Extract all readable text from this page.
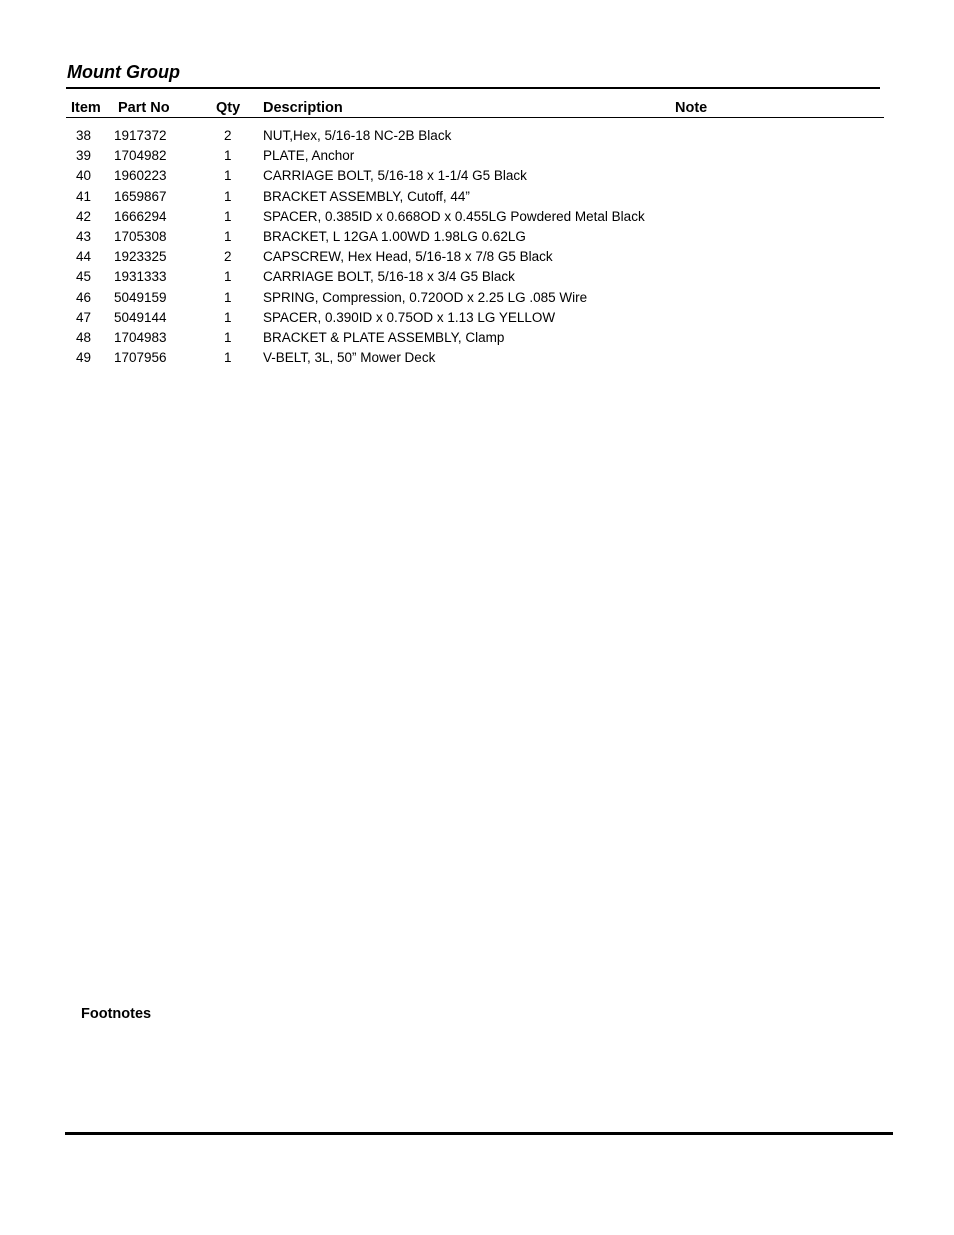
Mount Group
Item Part No	Qty Description	Note
38 1917372	2 NUT,Hex, 5/16-18 NC-2B Black
39 1704982	1 PLATE, Anchor
40 1960223	1 CARRIAGE BOLT, 5/16-18 x 1-1/4 G5 Black
41 1659867	1 BRACKET ASSEMBLY, Cutoff, 44”
42 1666294	1 SPACER, 0.385ID x 0.668OD x 0.455LG Powdered Metal Black
43 1705308	1 BRACKET, L 12GA 1.00WD 1.98LG 0.62LG
44 1923325	2 CAPSCREW, Hex Head, 5/16-18 x 7/8 G5 Black
45 1931333	1 CARRIAGE BOLT, 5/16-18 x 3/4 G5 Black
46 5049159	1 SPRING, Compression, 0.720OD x 2.25 LG .085 Wire
47 5049144	1 SPACER, 0.390ID x 0.75OD x 1.13 LG YELLOW
48 1704983	1 BRACKET & PLATE ASSEMBLY, Clamp
49 1707956	1 V-BELT, 3L, 50” Mower Deck
Footnotes
